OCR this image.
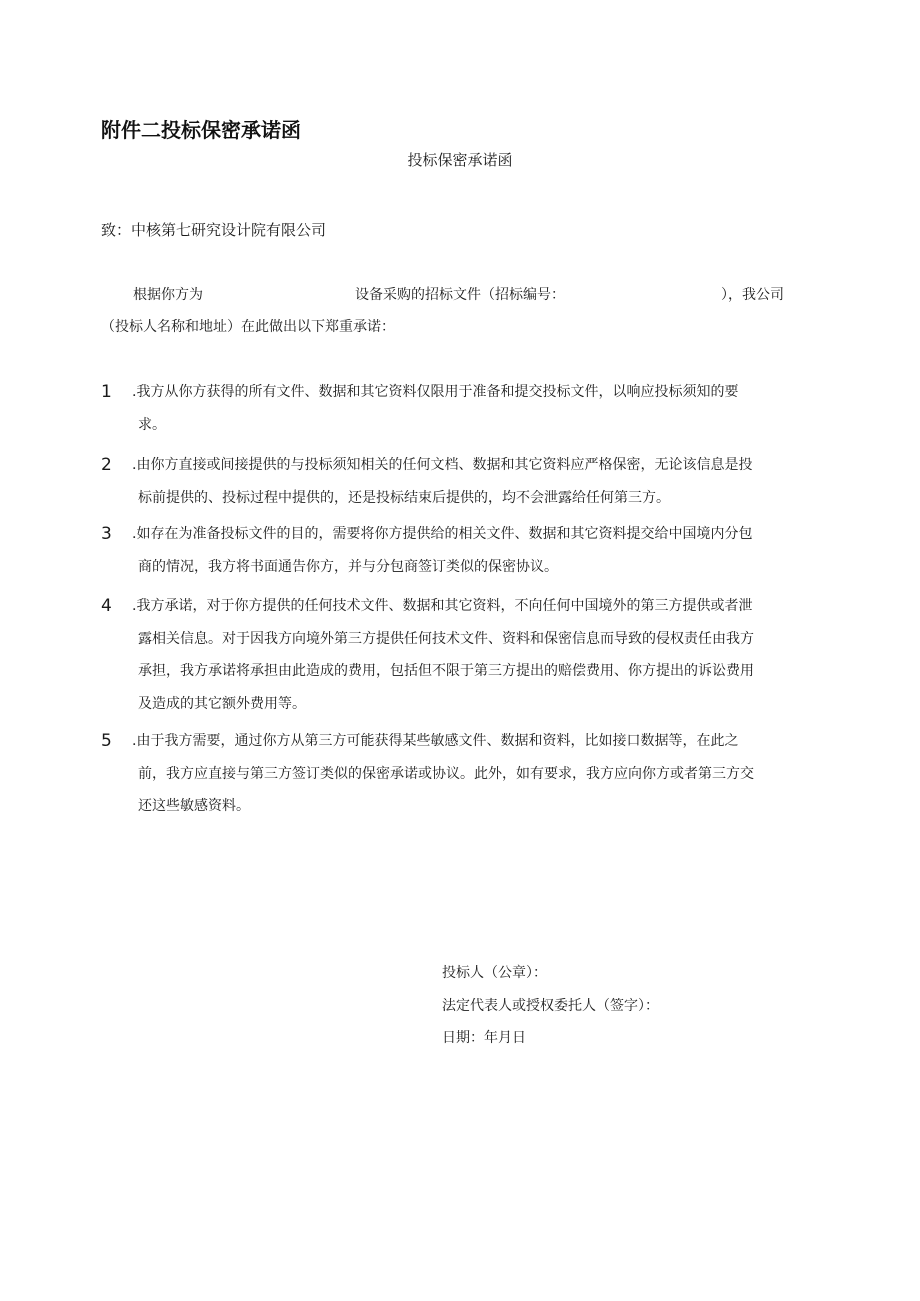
附件二投标保密承诺函
投标保密承诺函
致：中核第七研究设计院有限公司
根据你方为	设备采购的招标文件（招标编号：	），我公司
（投标人名称和地址）在此做出以下郑重承诺：
1 .我方从你方获得的所有文件、数据和其它资料仅限用于准备和提交投标文件，以响应投标须知的要
求。
2 .由你方直接或间接提供的与投标须知相关的任何文档、数据和其它资料应严格保密，无论该信息是投
标前提供的、投标过程中提供的，还是投标结束后提供的，均不会泄露给任何第三方。
3 .如存在为准备投标文件的目的，需要将你方提供给的相关文件、数据和其它资料提交给中国境内分包
商的情况，我方将书面通告你方，并与分包商签订类似的保密协议。
4 .我方承诺，对于你方提供的任何技术文件、数据和其它资料，不向任何中国境外的第三方提供或者泄
露相关信息。对于因我方向境外第三方提供任何技术文件、资料和保密信息而导致的侵权责任由我方
承担，我方承诺将承担由此造成的费用，包括但不限于第三方提出的赔偿费用、你方提出的诉讼费用
及造成的其它额外费用等。
5 .由于我方需要，通过你方从第三方可能获得某些敏感文件、数据和资料，比如接口数据等，在此之
前，我方应直接与第三方签订类似的保密承诺或协议。此外，如有要求，我方应向你方或者第三方交
还这些敏感资料。
投标人（公章）：
法定代表人或授权委托人（签字）：
日期：年月日
